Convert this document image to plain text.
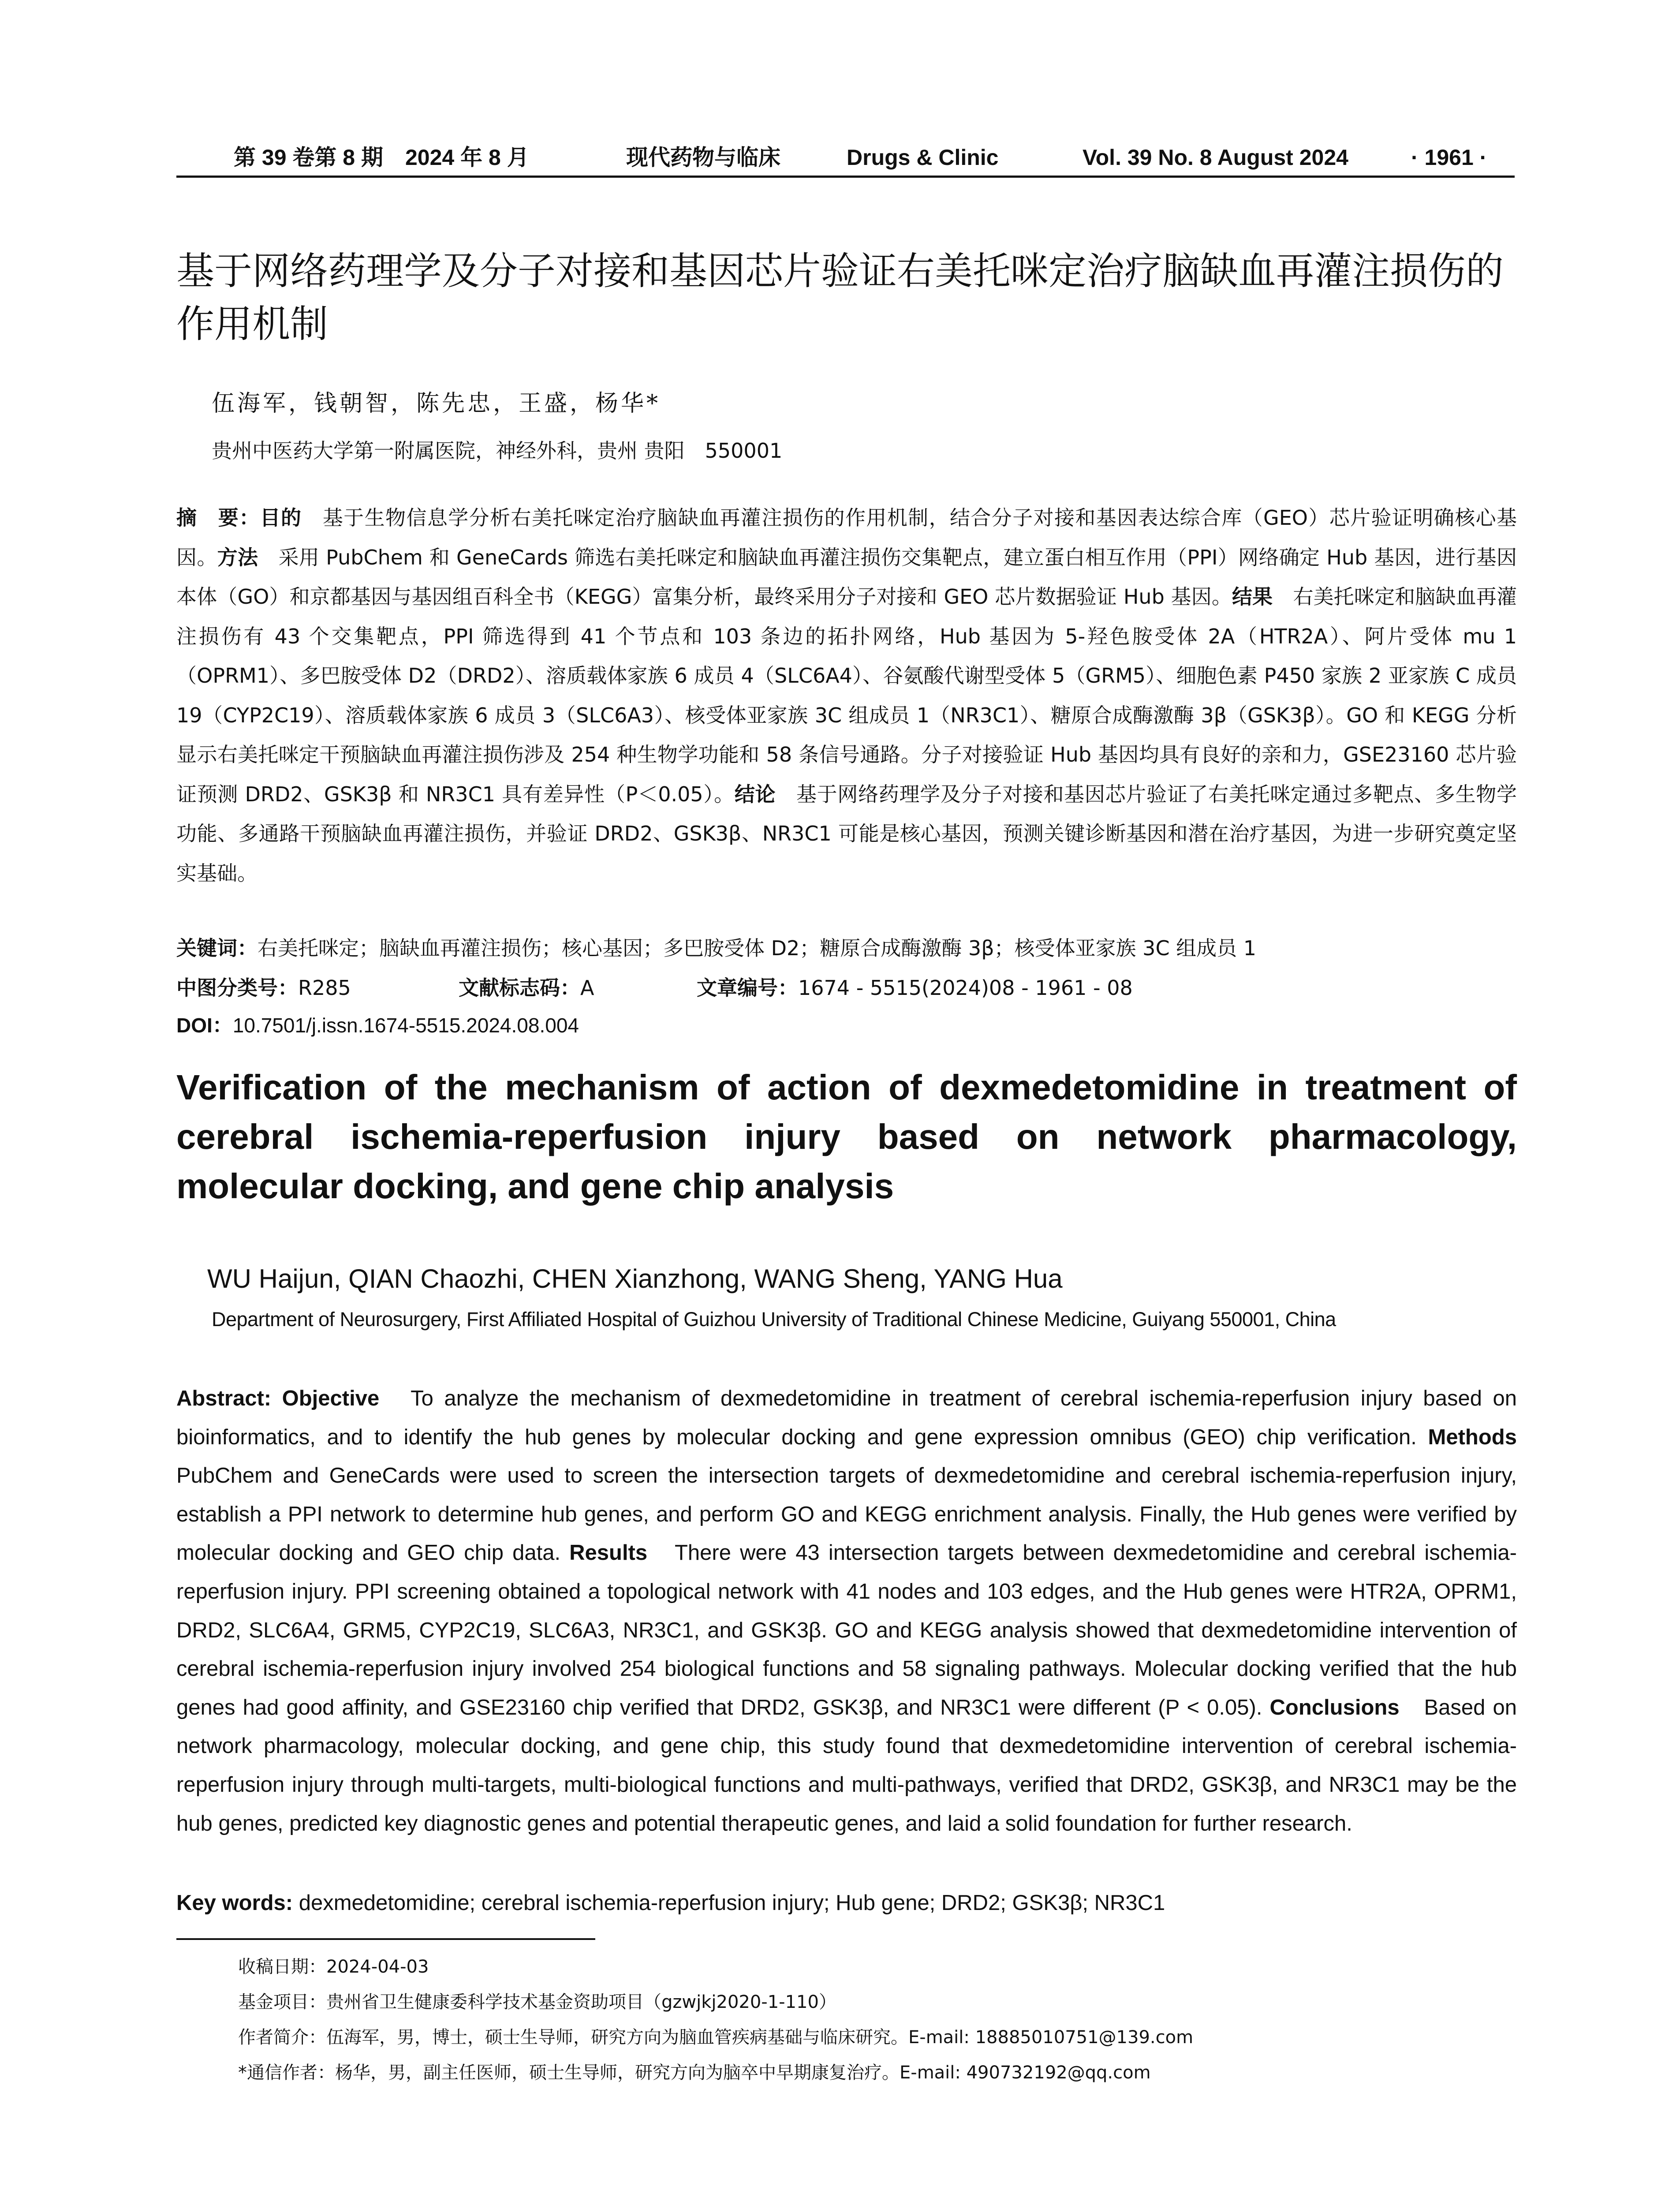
第 39 卷第 8 期　2024 年 8 月	现代药物与临床	Drugs & Clinic	Vol. 39 No. 8 August 2024	· 1961 ·
基于网络药理学及分子对接和基因芯片验证右美托咪定治疗脑缺血再灌注损伤的作用机制
伍海军，钱朝智，陈先忠，王盛，杨华*
贵州中医药大学第一附属医院，神经外科，贵州 贵阳　550001

摘　要：目的　基于生物信息学分析右美托咪定治疗脑缺血再灌注损伤的作用机制，结合分子对接和基因表达综合库（GEO）芯片验证明确核心基因。方法　采用 PubChem 和 GeneCards 筛选右美托咪定和脑缺血再灌注损伤交集靶点，建立蛋白相互作用（PPI）网络确定 Hub 基因，进行基因本体（GO）和京都基因与基因组百科全书（KEGG）富集分析，最终采用分子对接和 GEO 芯片数据验证 Hub 基因。结果　右美托咪定和脑缺血再灌注损伤有 43 个交集靶点，PPI 筛选得到 41 个节点和 103 条边的拓扑网络，Hub 基因为 5-羟色胺受体 2A（HTR2A）、阿片受体 mu 1（OPRM1）、多巴胺受体 D2（DRD2）、溶质载体家族 6 成员 4（SLC6A4）、谷氨酸代谢型受体 5（GRM5）、细胞色素 P450 家族 2 亚家族 C 成员 19（CYP2C19）、溶质载体家族 6 成员 3（SLC6A3）、核受体亚家族 3C 组成员 1（NR3C1）、糖原合成酶激酶 3β（GSK3β）。GO 和 KEGG 分析显示右美托咪定干预脑缺血再灌注损伤涉及 254 种生物学功能和 58 条信号通路。分子对接验证 Hub 基因均具有良好的亲和力，GSE23160 芯片验证预测 DRD2、GSK3β 和 NR3C1 具有差异性（P＜0.05）。结论　基于网络药理学及分子对接和基因芯片验证了右美托咪定通过多靶点、多生物学功能、多通路干预脑缺血再灌注损伤，并验证 DRD2、GSK3β、NR3C1 可能是核心基因，预测关键诊断基因和潜在治疗基因，为进一步研究奠定坚实基础。

关键词：右美托咪定；脑缺血再灌注损伤；核心基因；多巴胺受体 D2；糖原合成酶激酶 3β；核受体亚家族 3C 组成员 1
中图分类号：R285	文献标志码：A	文章编号：1674 - 5515(2024)08 - 1961 - 08
DOI：10.7501/j.issn.1674-5515.2024.08.004

Verification of the mechanism of action of dexmedetomidine in treatment of cerebral ischemia-reperfusion injury based on network pharmacology, molecular docking, and gene chip analysis

WU Haijun, QIAN Chaozhi, CHEN Xianzhong, WANG Sheng, YANG Hua
Department of Neurosurgery, First Affiliated Hospital of Guizhou University of Traditional Chinese Medicine, Guiyang 550001, China

Abstract: Objective　To analyze the mechanism of dexmedetomidine in treatment of cerebral ischemia-reperfusion injury based on bioinformatics, and to identify the hub genes by molecular docking and gene expression omnibus (GEO) chip verification. Methods PubChem and GeneCards were used to screen the intersection targets of dexmedetomidine and cerebral ischemia-reperfusion injury, establish a PPI network to determine hub genes, and perform GO and KEGG enrichment analysis. Finally, the Hub genes were verified by molecular docking and GEO chip data. Results　There were 43 intersection targets between dexmedetomidine and cerebral ischemia-reperfusion injury. PPI screening obtained a topological network with 41 nodes and 103 edges, and the Hub genes were HTR2A, OPRM1, DRD2, SLC6A4, GRM5, CYP2C19, SLC6A3, NR3C1, and GSK3β. GO and KEGG analysis showed that dexmedetomidine intervention of cerebral ischemia-reperfusion injury involved 254 biological functions and 58 signaling pathways. Molecular docking verified that the hub genes had good affinity, and GSE23160 chip verified that DRD2, GSK3β, and NR3C1 were different (P < 0.05). Conclusions　Based on network pharmacology, molecular docking, and gene chip, this study found that dexmedetomidine intervention of cerebral ischemia-reperfusion injury through multi-targets, multi-biological functions and multi-pathways, verified that DRD2, GSK3β, and NR3C1 may be the hub genes, predicted key diagnostic genes and potential therapeutic genes, and laid a solid foundation for further research.

Key words: dexmedetomidine; cerebral ischemia-reperfusion injury; Hub gene; DRD2; GSK3β; NR3C1
收稿日期：2024-04-03
基金项目：贵州省卫生健康委科学技术基金资助项目（gzwjkj2020-1-110）
作者简介：伍海军，男，博士，硕士生导师，研究方向为脑血管疾病基础与临床研究。E-mail: 18885010751@139.com
*通信作者：杨华，男，副主任医师，硕士生导师，研究方向为脑卒中早期康复治疗。E-mail: 490732192@qq.com
